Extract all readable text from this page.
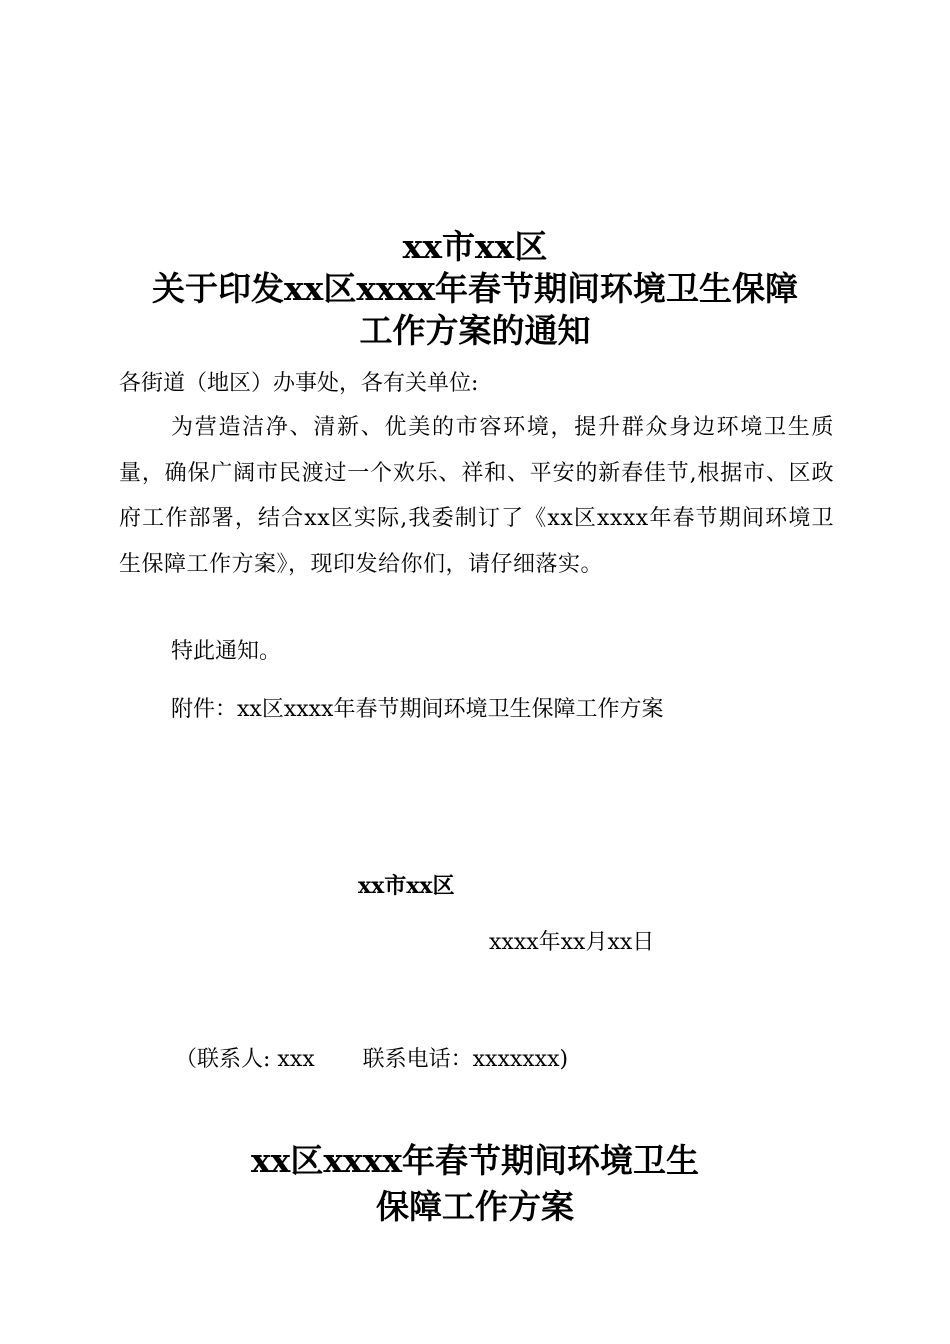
xx市xx区
关于印发xx区xxxx年春节期间环境卫生保障
工作方案的通知
各街道（地区）办事处，各有关单位:
为营造洁净、清新、优美的市容环境，提升群众身边环境卫生质量，确保广阔市民渡过一个欢乐、祥和、平安的新春佳节,根据市、区政府工作部署，结合xx区实际,我委制订了《xx区xxxx年春节期间环境卫生保障工作方案》，现印发给你们，请仔细落实。
特此通知。
附件：xx区xxxx年春节期间环境卫生保障工作方案
xx市xx区
xxxx年xx月xx日
（联系人: xxx 联系电话：xxxxxxx)
xx区xxxx年春节期间环境卫生
保障工作方案
